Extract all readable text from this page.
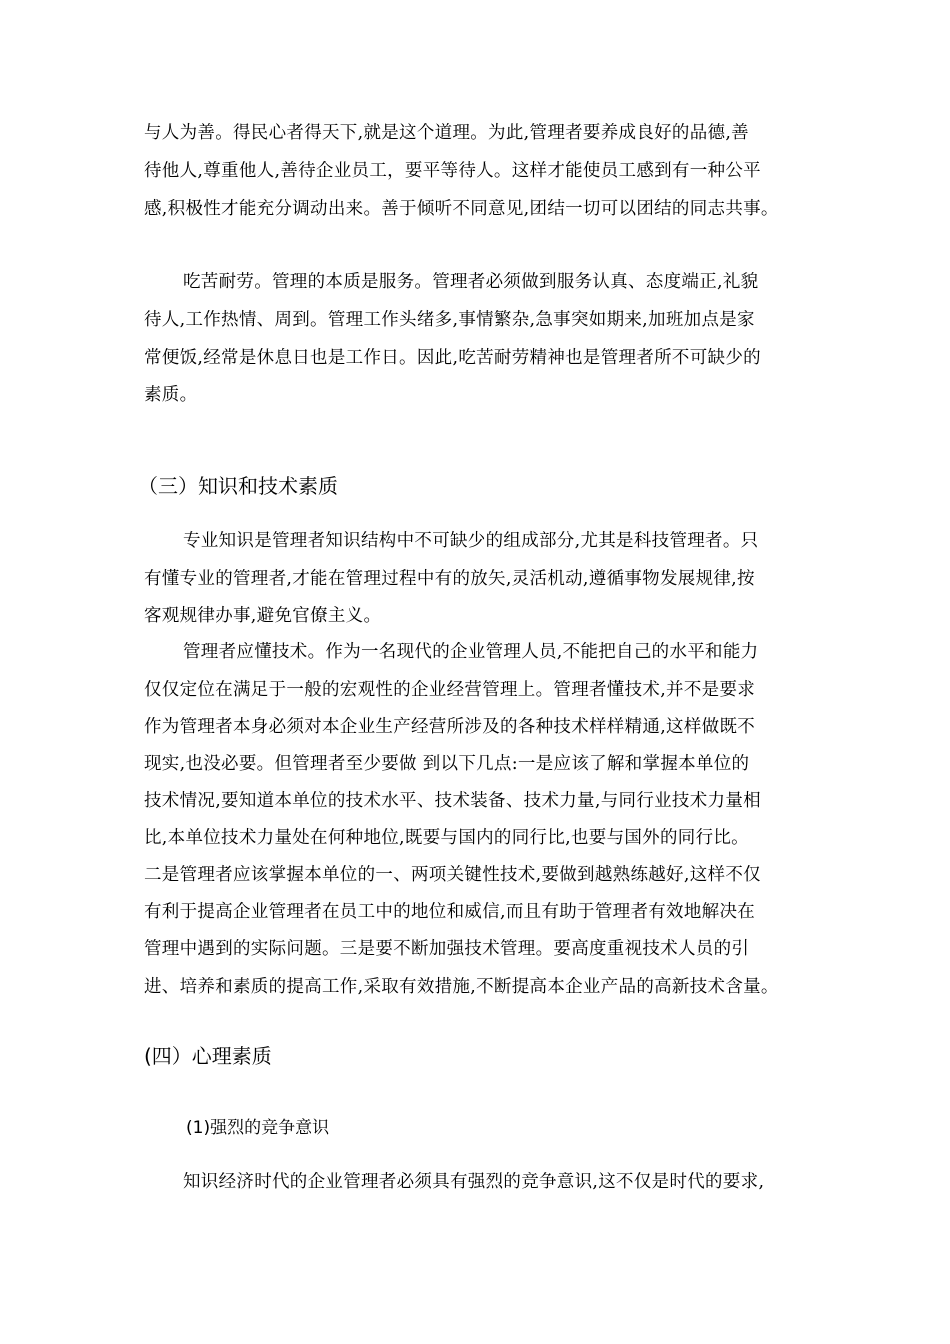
与人为善。得民心者得天下,就是这个道理。为此,管理者要养成良好的品德,善
待他人,尊重他人,善待企业员工，要平等待人。这样才能使员工感到有一种公平
感,积极性才能充分调动出来。善于倾听不同意见,团结一切可以团结的同志共事。
吃苦耐劳。管理的本质是服务。管理者必须做到服务认真、态度端正,礼貌
待人,工作热情、周到。管理工作头绪多,事情繁杂,急事突如期来,加班加点是家
常便饭,经常是休息日也是工作日。因此,吃苦耐劳精神也是管理者所不可缺少的
素质。
（三）知识和技术素质
专业知识是管理者知识结构中不可缺少的组成部分,尤其是科技管理者。只
有懂专业的管理者,才能在管理过程中有的放矢,灵活机动,遵循事物发展规律,按
客观规律办事,避免官僚主义。
管理者应懂技术。作为一名现代的企业管理人员,不能把自己的水平和能力
仅仅定位在满足于一般的宏观性的企业经营管理上。管理者懂技术,并不是要求
作为管理者本身必须对本企业生产经营所涉及的各种技术样样精通,这样做既不
现实,也没必要。但管理者至少要做 到以下几点:一是应该了解和掌握本单位的
技术情况,要知道本单位的技术水平、技术装备、技术力量,与同行业技术力量相
比,本单位技术力量处在何种地位,既要与国内的同行比,也要与国外的同行比。
二是管理者应该掌握本单位的一、两项关键性技术,要做到越熟练越好,这样不仅
有利于提高企业管理者在员工中的地位和威信,而且有助于管理者有效地解决在
管理中遇到的实际问题。三是要不断加强技术管理。要高度重视技术人员的引
进、培养和素质的提高工作,采取有效措施,不断提高本企业产品的高新技术含量。
(四）心理素质
(1)强烈的竞争意识
知识经济时代的企业管理者必须具有强烈的竞争意识,这不仅是时代的要求,
